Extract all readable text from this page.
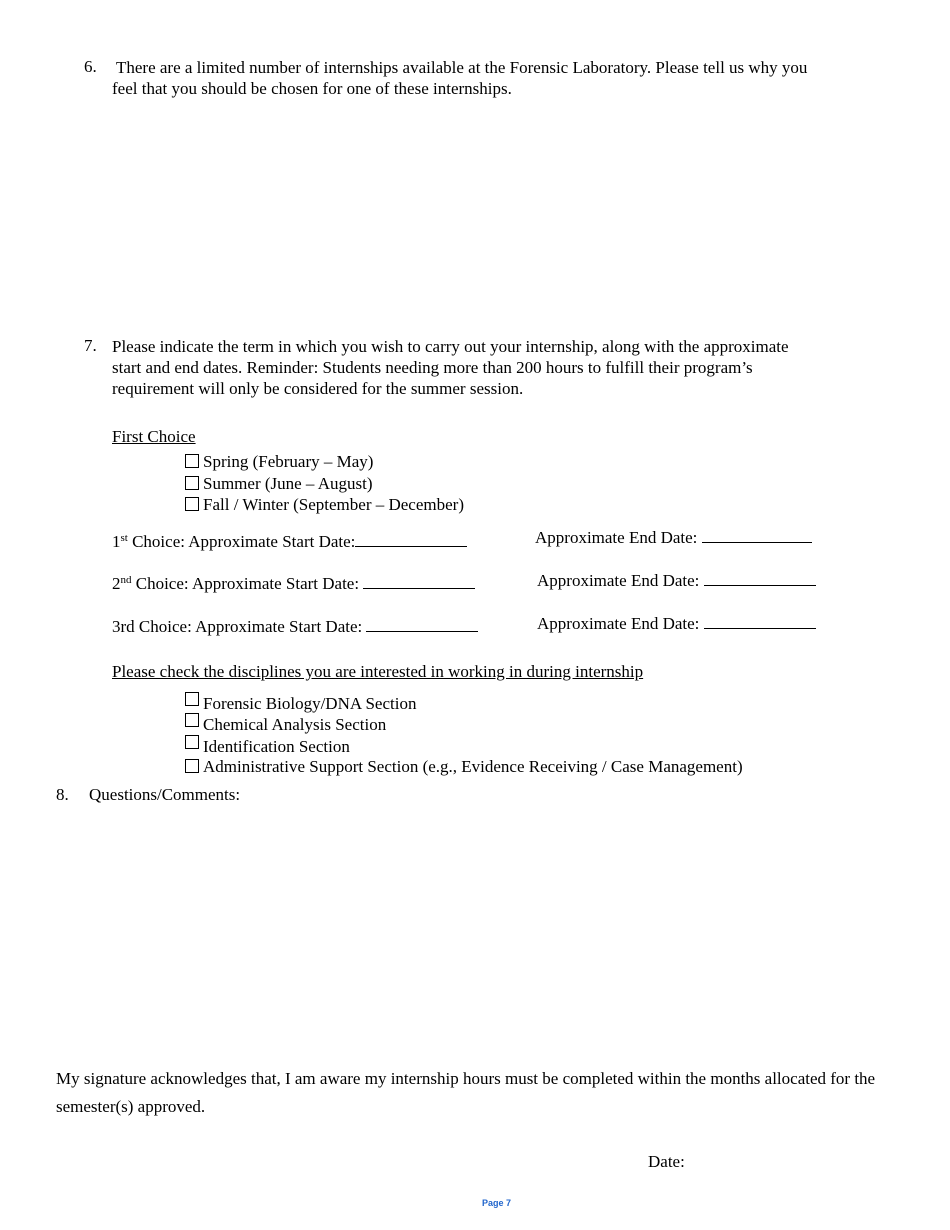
6. There are a limited number of internships available at the Forensic Laboratory. Please tell us why you feel that you should be chosen for one of these internships.
7. Please indicate the term in which you wish to carry out your internship, along with the approximate start and end dates. Reminder: Students needing more than 200 hours to fulfill their program’s requirement will only be considered for the summer session.
First Choice
Spring (February – May)
Summer (June – August)
Fall / Winter (September – December)
1st Choice: Approximate Start Date:	Approximate End Date:
2nd Choice: Approximate Start Date:	Approximate End Date:
3rd Choice: Approximate Start Date:	Approximate End Date:
Please check the disciplines you are interested in working in during internship
Forensic Biology/DNA Section
Chemical Analysis Section
Identification Section
Administrative Support Section (e.g., Evidence Receiving / Case Management)
8. Questions/Comments:
My signature acknowledges that, I am aware my internship hours must be completed within the months allocated for the semester(s) approved.
Date:
Page 7
